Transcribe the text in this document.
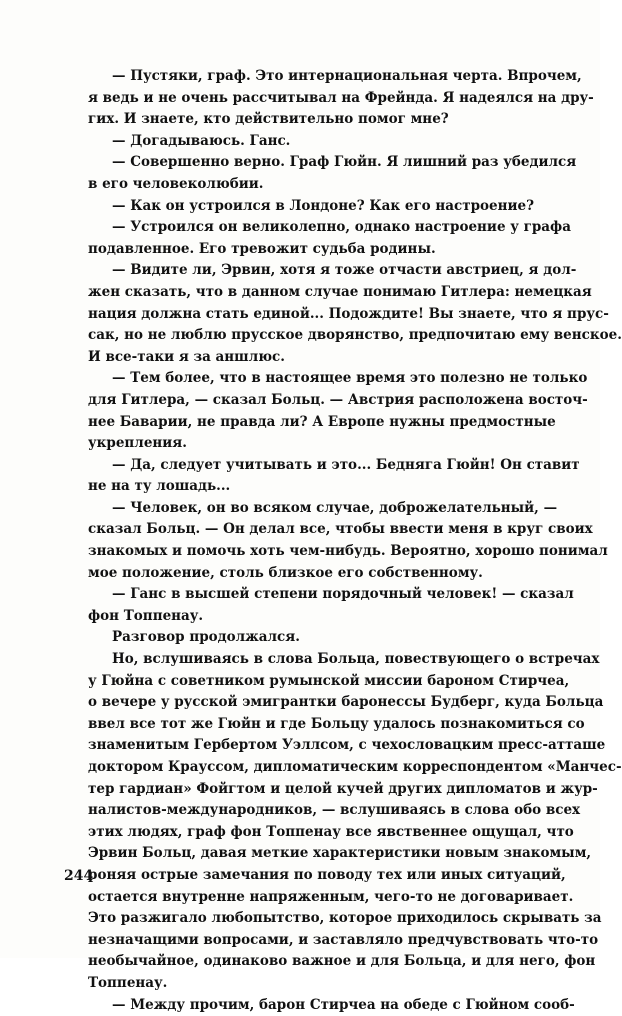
— Пустяки, граф. Это интернациональная черта. Впрочем,
я ведь и не очень рассчитывал на Фрейнда. Я надеялся на дру-
гих. И знаете, кто действительно помог мне?
— Догадываюсь. Ганс.
— Совершенно верно. Граф Гюйн. Я лишний раз убедился
в его человеколюбии.
— Как он устроился в Лондоне? Как его настроение?
— Устроился он великолепно, однако настроение у графа
подавленное. Его тревожит судьба родины.
— Видите ли, Эрвин, хотя я тоже отчасти австриец, я дол-
жен сказать, что в данном случае понимаю Гитлера: немецкая
нация должна стать единой... Подождите! Вы знаете, что я прус-
сак, но не люблю прусское дворянство, предпочитаю ему венское.
И все-таки я за аншлюс.
— Тем более, что в настоящее время это полезно не только
для Гитлера, — сказал Больц. — Австрия расположена восточ-
нее Баварии, не правда ли? А Европе нужны предмостные
укрепления.
— Да, следует учитывать и это... Бедняга Гюйн! Он ставит
не на ту лошадь...
— Человек, он во всяком случае, доброжелательный, —
сказал Больц. — Он делал все, чтобы ввести меня в круг своих
знакомых и помочь хоть чем-нибудь. Вероятно, хорошо понимал
мое положение, столь близкое его собственному.
— Ганс в высшей степени порядочный человек! — сказал
фон Топпенау.
Разговор продолжался.
Но, вслушиваясь в слова Больца, повествующего о встречах
у Гюйна с советником румынской миссии бароном Стирчеа,
о вечере у русской эмигрантки баронессы Будберг, куда Больца
ввел все тот же Гюйн и где Больцу удалось познакомиться со
знаменитым Гербертом Уэллсом, с чехословацким пресс-атташе
доктором Крауссом, дипломатическим корреспондентом «Манчес-
тер гардиан» Фойгтом и целой кучей других дипломатов и жур-
налистов-международников, — вслушиваясь в слова обо всех
этих людях, граф фон Топпенау все явственнее ощущал, что
Эрвин Больц, давая меткие характеристики новым знакомым,
роняя острые замечания по поводу тех или иных ситуаций,
остается внутренне напряженным, чего-то не договаривает.
Это разжигало любопытство, которое приходилось скрывать за
незначащими вопросами, и заставляло предчувствовать что-то
необычайное, одинаково важное и для Больца, и для него, фон
Топпенау.
— Между прочим, барон Стирчеа на обеде с Гюйном сооб-
244
